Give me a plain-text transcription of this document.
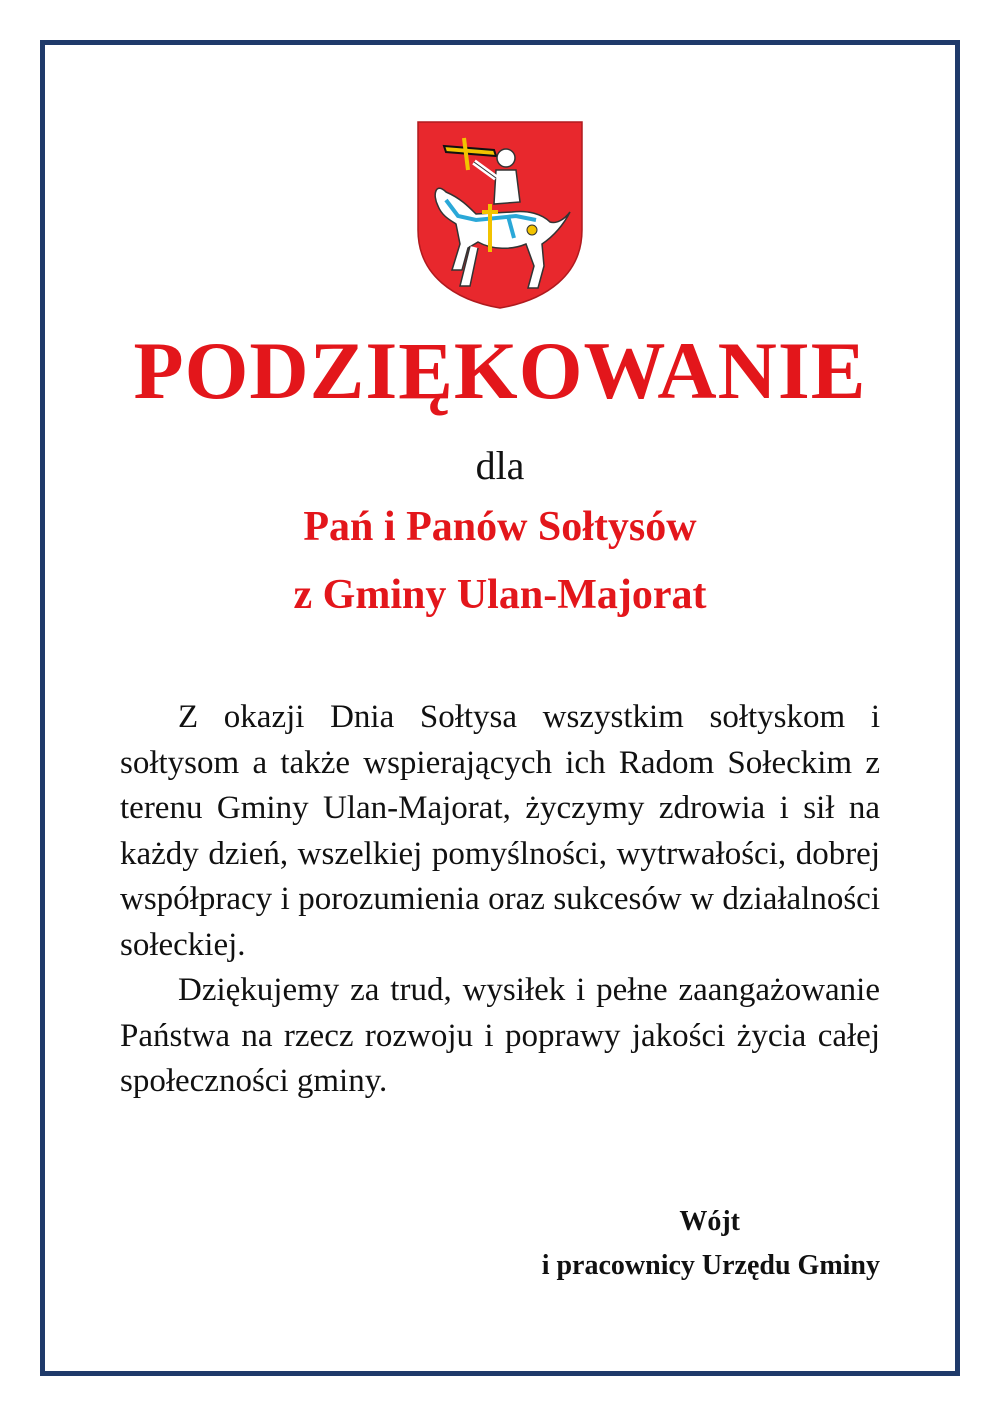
PODZIĘKOWANIE
dla
Pań i Panów Sołtysów
z Gminy Ulan-Majorat

Z okazji Dnia Sołtysa wszystkim sołtyskom i sołtysom a także wspierających ich Radom Sołeckim z terenu Gminy Ulan-Majorat, życzymy zdrowia i sił na każdy dzień, wszelkiej pomyślności, wytrwałości, dobrej współpracy i porozumienia oraz sukcesów w działalności sołeckiej.

Dziękujemy za trud, wysiłek i pełne zaangażowanie Państwa na rzecz rozwoju i poprawy jakości życia całej społeczności gminy.

Wójt
i pracownicy Urzędu Gminy
